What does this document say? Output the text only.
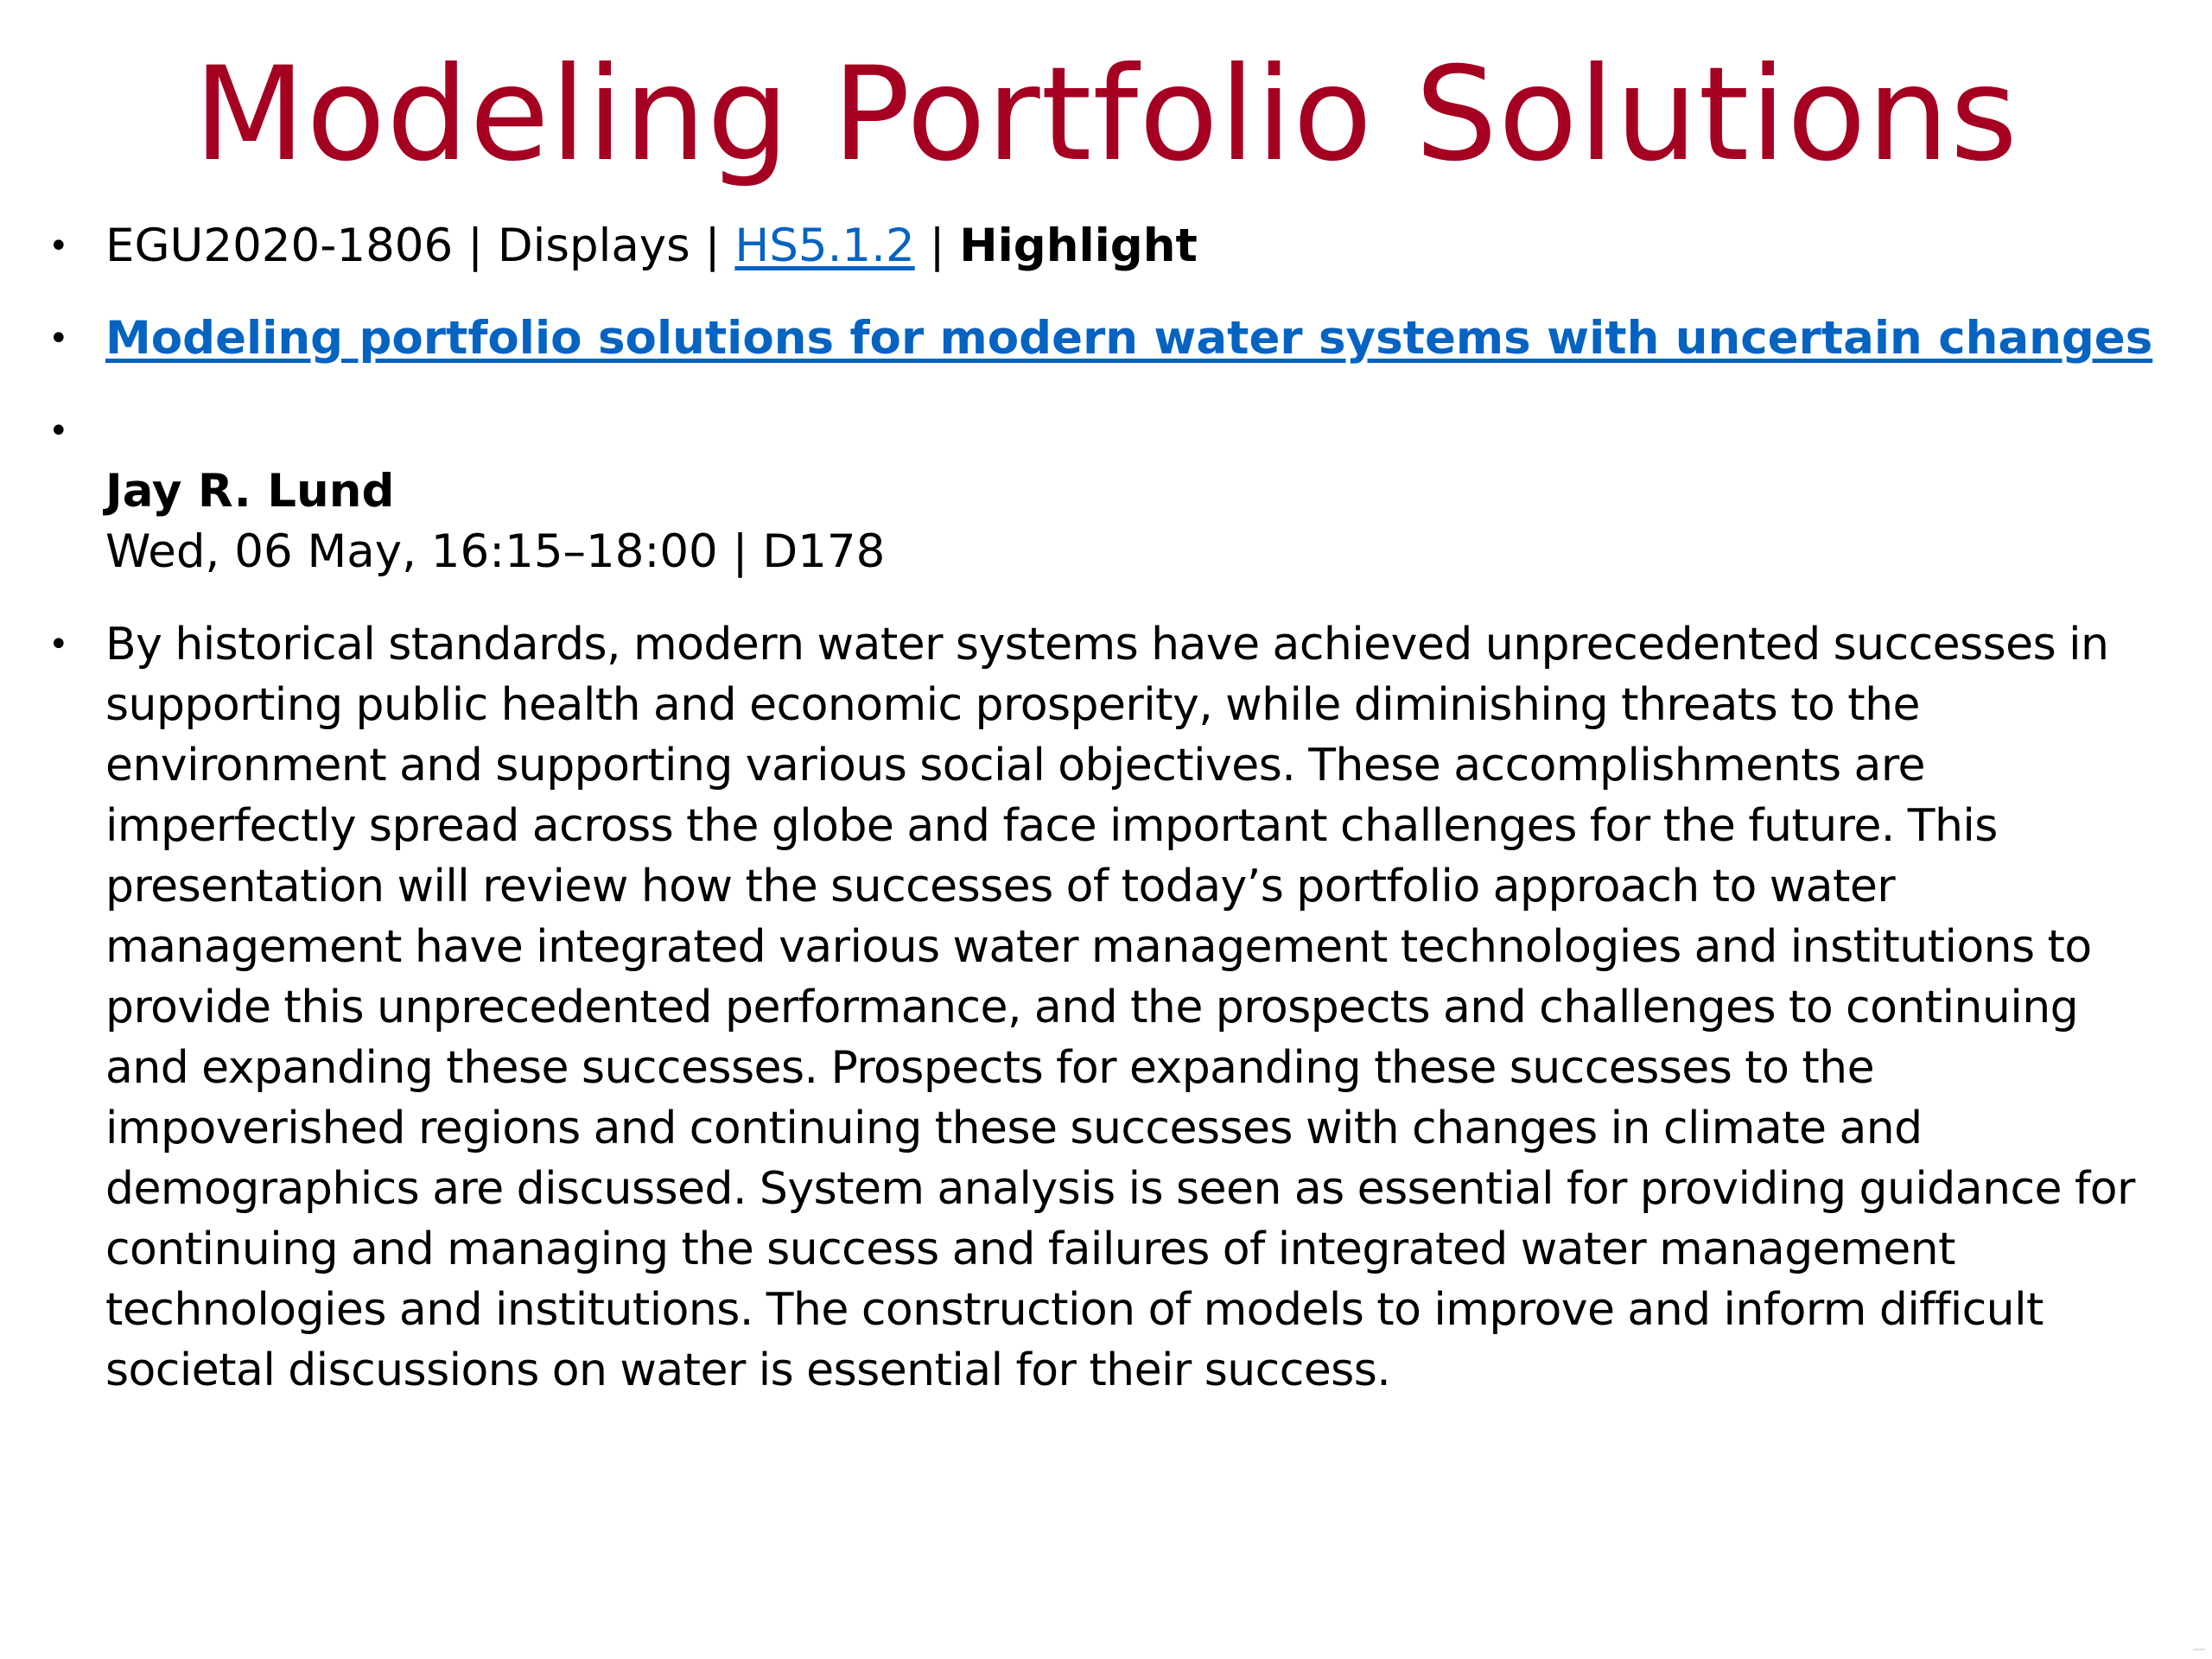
Modeling Portfolio Solutions
• EGU2020-1806 | Displays | HS5.1.2 | Highlight
• Modeling portfolio solutions for modern water systems with uncertain changes
•
Jay R. Lund
Wed, 06 May, 16:15–18:00 | D178
• By historical standards, modern water systems have achieved unprecedented successes in
supporting public health and economic prosperity, while diminishing threats to the
environment and supporting various social objectives. These accomplishments are
imperfectly spread across the globe and face important challenges for the future. This
presentation will review how the successes of today’s portfolio approach to water
management have integrated various water management technologies and institutions to
provide this unprecedented performance, and the prospects and challenges to continuing
and expanding these successes. Prospects for expanding these successes to the
impoverished regions and continuing these successes with changes in climate and
demographics are discussed. System analysis is seen as essential for providing guidance for
continuing and managing the success and failures of integrated water management
technologies and institutions. The construction of models to improve and inform difficult
societal discussions on water is essential for their success.
